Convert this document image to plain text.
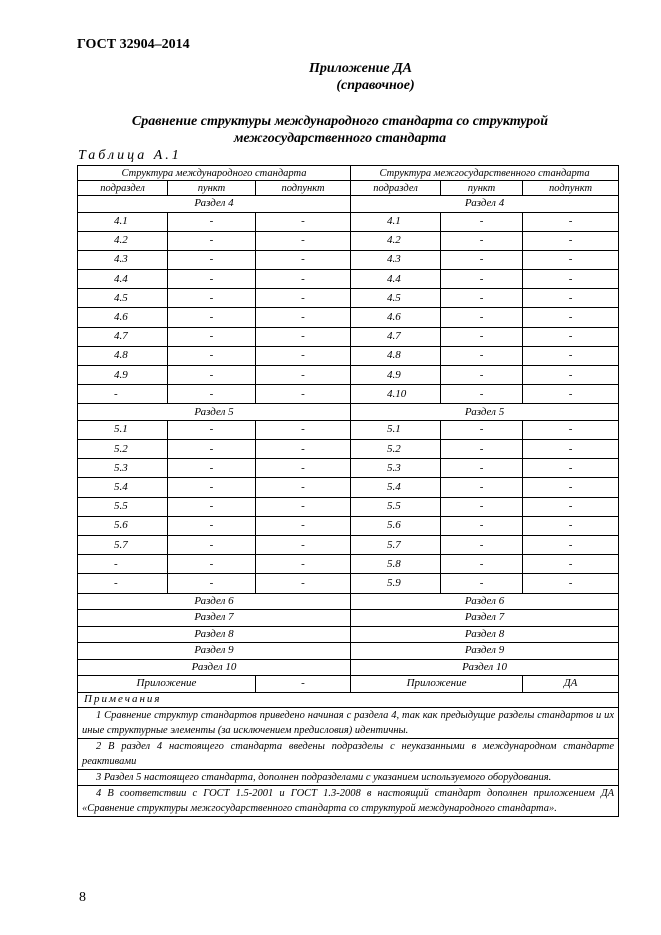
ГОСТ 32904–2014
Приложение ДА
(справочное)
Сравнение структуры международного стандарта со структурой
межгосударственного стандарта
Таблица А.1
Структура международного стандарта			Структура межгосударственного стандарта		
подраздел	пункт	подпункт	подраздел	пункт	подпункт
Раздел 4			Раздел 4		
4.1	-	-	4.1	-	-
4.2	-	-	4.2	-	-
4.3	-	-	4.3	-	-
4.4	-	-	4.4	-	-
4.5	-	-	4.5	-	-
4.6	-	-	4.6	-	-
4.7	-	-	4.7	-	-
4.8	-	-	4.8	-	-
4.9	-	-	4.9	-	-
-	-	-	4.10	-	-
Раздел 5			Раздел 5		
5.1	-	-	5.1	-	-
5.2	-	-	5.2	-	-
5.3	-	-	5.3	-	-
5.4	-	-	5.4	-	-
5.5	-	-	5.5	-	-
5.6	-	-	5.6	-	-
5.7	-	-	5.7	-	-
-	-	-	5.8	-	-
-	-	-	5.9	-	-
Раздел 6			Раздел 6		
Раздел 7			Раздел 7		
Раздел 8			Раздел 8		
Раздел 9			Раздел 9		
Раздел 10			Раздел 10		
Приложение		-	Приложение		ДА
Примечания					
1 Сравнение структур стандартов приведено начиная с раздела 4, так как предыдущие разделы стандартов и их иные структурные элементы (за исключением предисловия) идентичны.					
2 В раздел 4 настоящего стандарта введены подразделы с неуказанными в международном стандарте реактивами					
3 Раздел 5 настоящего стандарта, дополнен подразделами с указанием используемого оборудования.					
4 В соответствии с ГОСТ 1.5-2001 и ГОСТ 1.3-2008 в настоящий стандарт дополнен приложением ДА «Сравнение структуры межгосударственного стандарта со структурой международного стандарта».					
8
